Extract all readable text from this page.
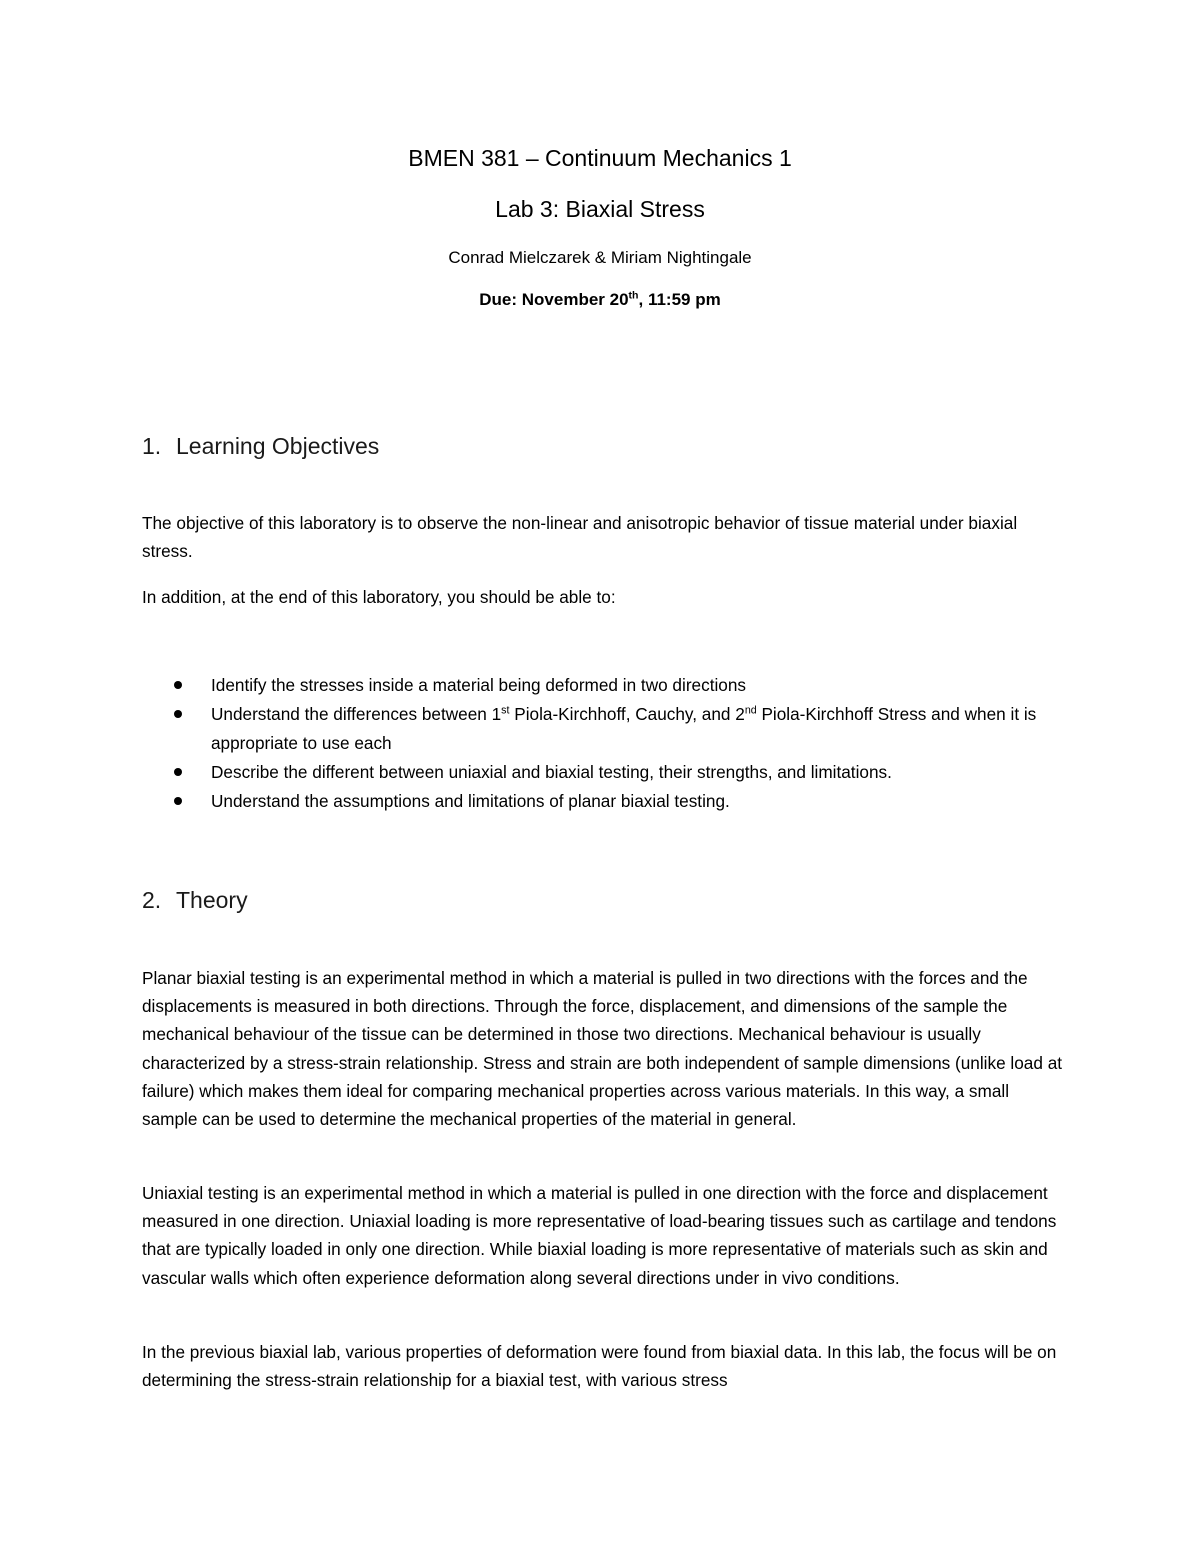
BMEN 381 – Continuum Mechanics 1
Lab 3: Biaxial Stress
Conrad Mielczarek & Miriam Nightingale
Due: November 20th, 11:59 pm
1. Learning Objectives

The objective of this laboratory is to observe the non-linear and anisotropic behavior of tissue material under biaxial stress.

In addition, at the end of this laboratory, you should be able to:

Identify the stresses inside a material being deformed in two directions
Understand the differences between 1st Piola-Kirchhoff, Cauchy, and 2nd Piola-Kirchhoff Stress and when it is appropriate to use each
Describe the different between uniaxial and biaxial testing, their strengths, and limitations.
Understand the assumptions and limitations of planar biaxial testing.
2. Theory

Planar biaxial testing is an experimental method in which a material is pulled in two directions with the forces and the displacements is measured in both directions. Through the force, displacement, and dimensions of the sample the mechanical behaviour of the tissue can be determined in those two directions. Mechanical behaviour is usually characterized by a stress-strain relationship. Stress and strain are both independent of sample dimensions (unlike load at failure) which makes them ideal for comparing mechanical properties across various materials. In this way, a small sample can be used to determine the mechanical properties of the material in general.

Uniaxial testing is an experimental method in which a material is pulled in one direction with the force and displacement measured in one direction. Uniaxial loading is more representative of load-bearing tissues such as cartilage and tendons that are typically loaded in only one direction. While biaxial loading is more representative of materials such as skin and vascular walls which often experience deformation along several directions under in vivo conditions.

In the previous biaxial lab, various properties of deformation were found from biaxial data. In this lab, the focus will be on determining the stress-strain relationship for a biaxial test, with various stress
